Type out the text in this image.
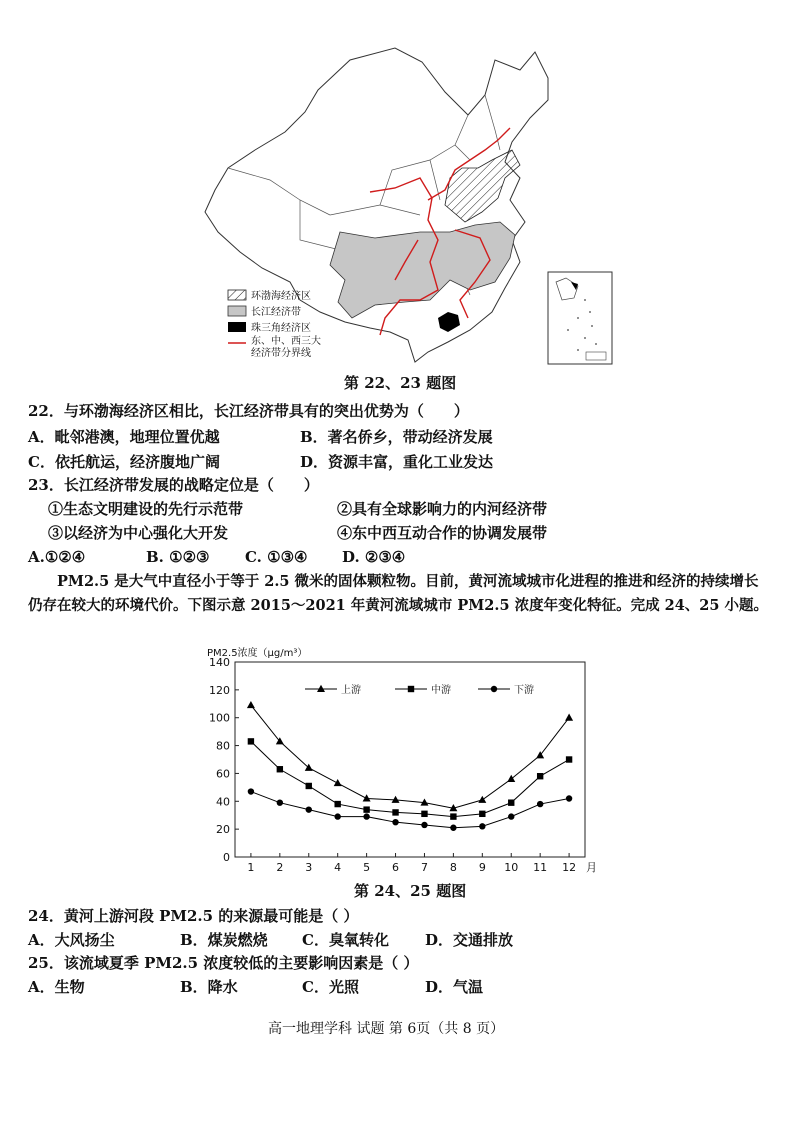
环渤海经济区
长江经济带
珠三角经济区
东、中、西三大
经济带分界线
第 22、23 题图
22．与环渤海经济区相比，长江经济带具有的突出优势为（　　）
A．毗邻港澳，地理位置优越	B．著名侨乡，带动经济发展
C．依托航运，经济腹地广阔	D．资源丰富，重化工业发达
23．长江经济带发展的战略定位是（　　）
①生态文明建设的先行示范带	②具有全球影响力的内河经济带
③以经济为中心强化大开发	④东中西互动合作的协调发展带
A.①②④	B. ①②③ C. ①③④ D. ②③④

PM2.5 是大气中直径小于等于 2.5 微米的固体颗粒物。目前，黄河流域城市化进程的推进和经济的持续增长仍存在较大的环境代价。下图示意 2015～2021 年黄河流域城市 PM2.5 浓度年变化特征。完成 24、25 小题。

0
20
40
60
80
100
120
140
1 2 3 4 5 6 7 8 9 10 11 12
PM2.5浓度（μg/m³）
月
上游	中游	下游
第 24、25 题图
24．黄河上游河段 PM2.5 的来源最可能是（ ）
A．大风扬尘	B．煤炭燃烧 C．臭氧转化 D．交通排放
25．该流域夏季 PM2.5 浓度较低的主要影响因素是（ ）
A．生物	B．降水	C．光照	D．气温
高一地理学科 试题 第 6页（共 8 页）
